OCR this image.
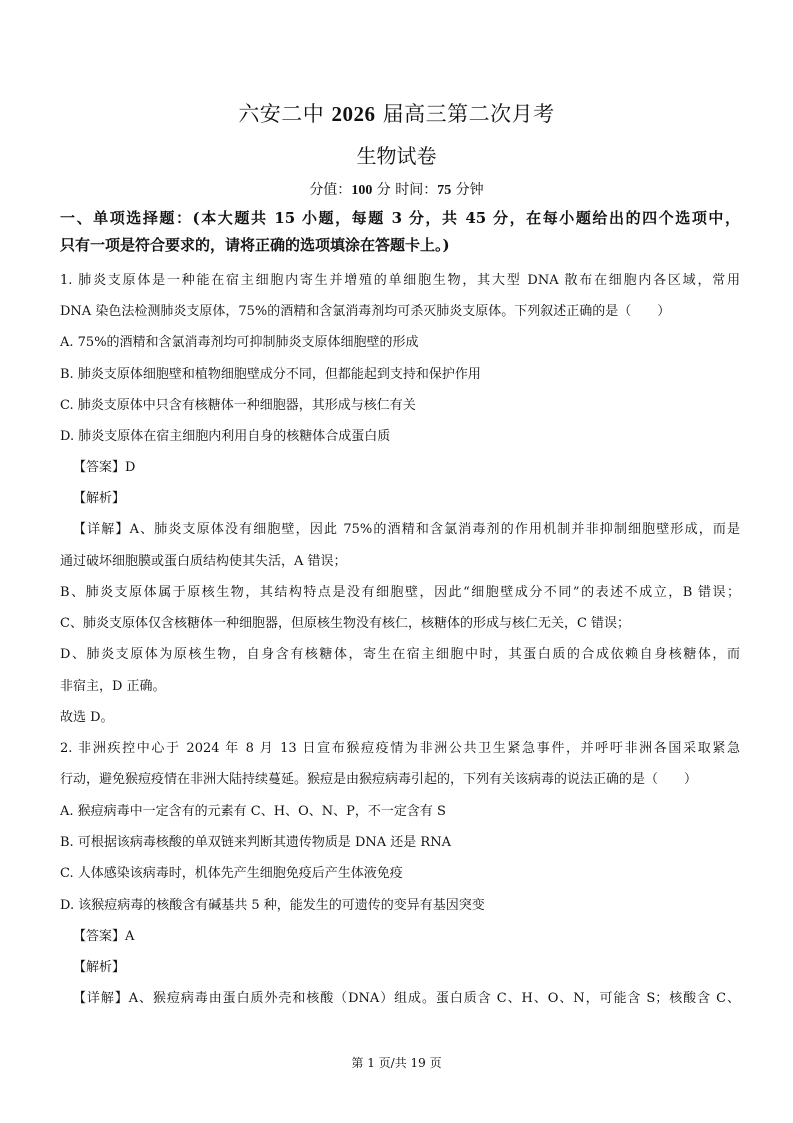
六安二中 2026 届高三第二次月考
生物试卷
分值：100 分 时间：75 分钟
一、单项选择题：(本大题共 15 小题，每题 3 分，共 45 分，在每小题给出的四个选项中，
只有一项是符合要求的，请将正确的选项填涂在答题卡上。)
1. 肺炎支原体是一种能在宿主细胞内寄生并增殖的单细胞生物，其大型 DNA 散布在细胞内各区域，常用
DNA 染色法检测肺炎支原体，75%的酒精和含氯消毒剂均可杀灭肺炎支原体。下列叙述正确的是（　　）
A. 75%的酒精和含氯消毒剂均可抑制肺炎支原体细胞壁的形成
B. 肺炎支原体细胞壁和植物细胞壁成分不同，但都能起到支持和保护作用
C. 肺炎支原体中只含有核糖体一种细胞器，其形成与核仁有关
D. 肺炎支原体在宿主细胞内利用自身的核糖体合成蛋白质
【答案】D
【解析】
【详解】A、肺炎支原体没有细胞壁，因此 75%的酒精和含氯消毒剂的作用机制并非抑制细胞壁形成，而是
通过破坏细胞膜或蛋白质结构使其失活，A 错误；
B、肺炎支原体属于原核生物，其结构特点是没有细胞壁，因此“细胞壁成分不同”的表述不成立，B 错误；
C、肺炎支原体仅含核糖体一种细胞器，但原核生物没有核仁，核糖体的形成与核仁无关，C 错误；
D、肺炎支原体为原核生物，自身含有核糖体，寄生在宿主细胞中时，其蛋白质的合成依赖自身核糖体，而
非宿主，D 正确。
故选 D。
2. 非洲疾控中心于 2024 年 8 月 13 日宣布猴痘疫情为非洲公共卫生紧急事件，并呼吁非洲各国采取紧急
行动，避免猴痘疫情在非洲大陆持续蔓延。猴痘是由猴痘病毒引起的，下列有关该病毒的说法正确的是（　　）
A. 猴痘病毒中一定含有的元素有 C、H、O、N、P，不一定含有 S
B. 可根据该病毒核酸的单双链来判断其遗传物质是 DNA 还是 RNA
C. 人体感染该病毒时，机体先产生细胞免疫后产生体液免疫
D. 该猴痘病毒的核酸含有碱基共 5 种，能发生的可遗传的变异有基因突变
【答案】A
【解析】
【详解】A、猴痘病毒由蛋白质外壳和核酸（DNA）组成。蛋白质含 C、H、O、N，可能含 S；核酸含 C、
第 1 页/共 19 页
